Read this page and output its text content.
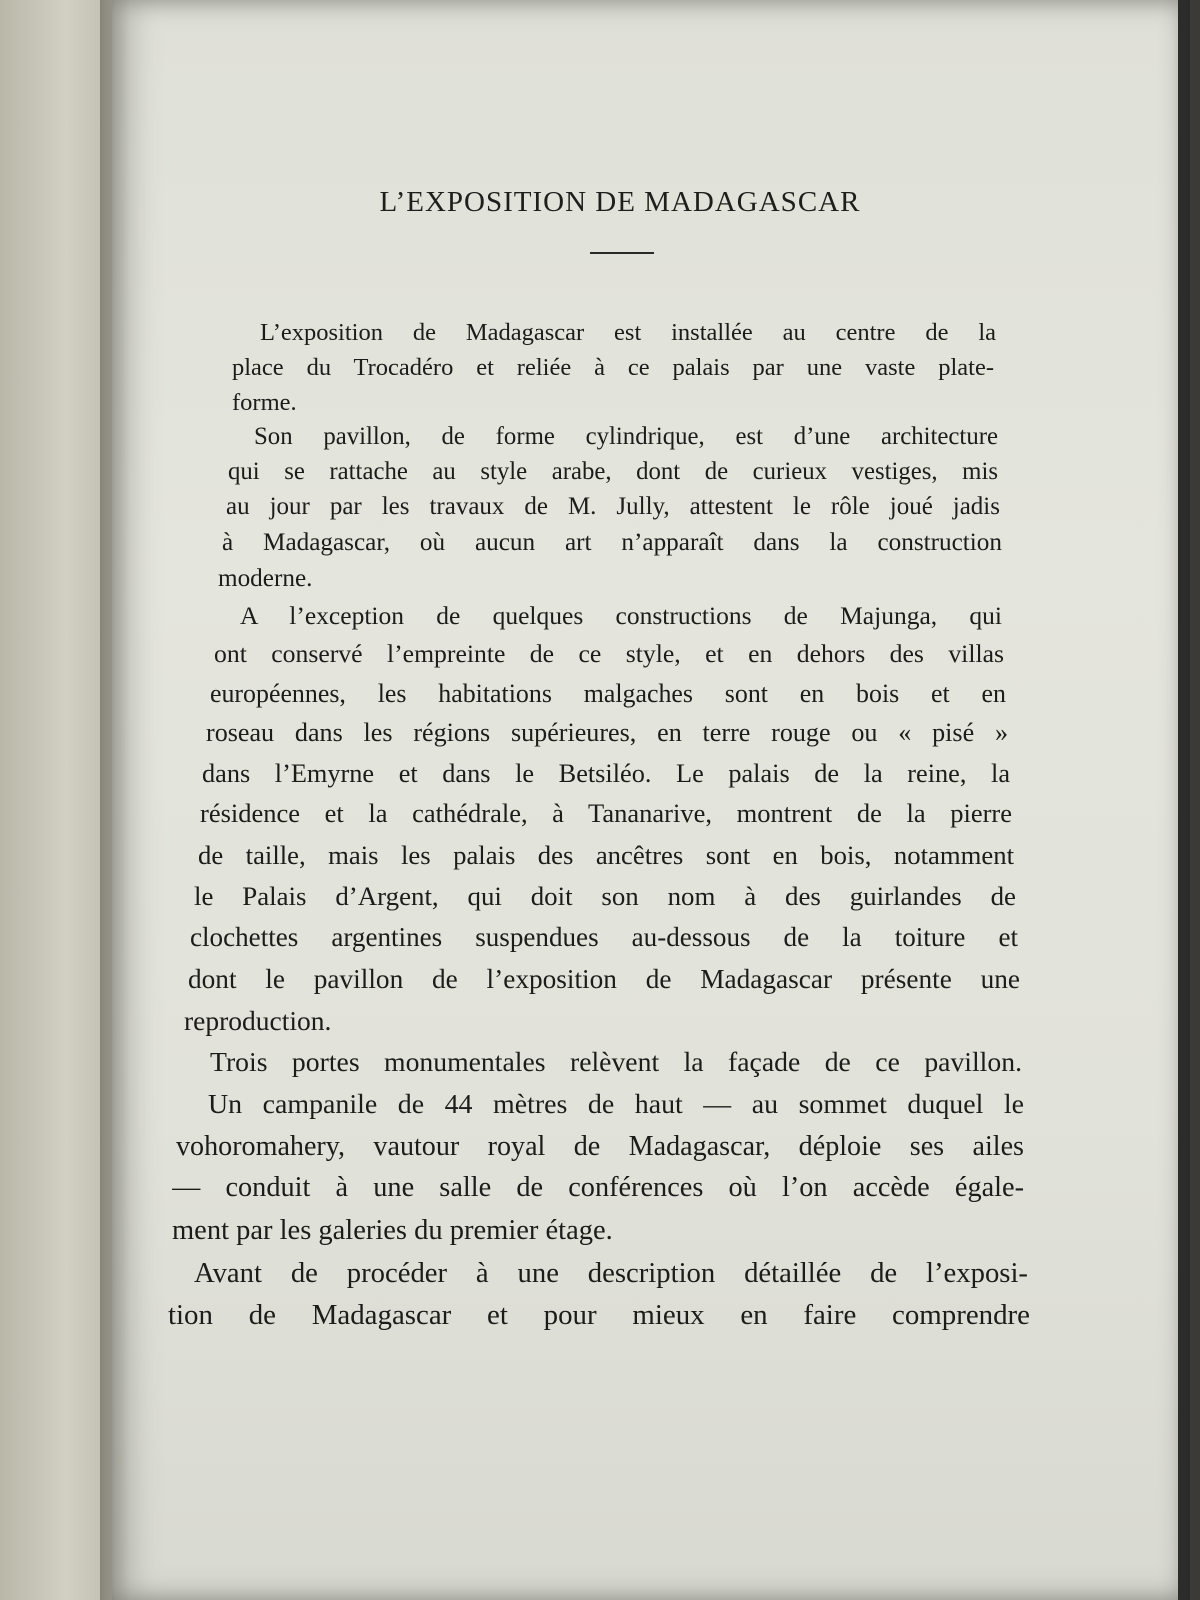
L’EXPOSITION DE MADAGASCAR
L’exposition de Madagascar est installée au centre de la
place du Trocadéro et reliée à ce palais par une vaste plate-
forme.
Son pavillon, de forme cylindrique, est d’une architecture
qui se rattache au style arabe, dont de curieux vestiges, mis
au jour par les travaux de M. Jully, attestent le rôle joué jadis
à Madagascar, où aucun art n’apparaît dans la construction
moderne.
A l’exception de quelques constructions de Majunga, qui
ont conservé l’empreinte de ce style, et en dehors des villas
européennes, les habitations malgaches sont en bois et en
roseau dans les régions supérieures, en terre rouge ou « pisé »
dans l’Emyrne et dans le Betsiléo. Le palais de la reine, la
résidence et la cathédrale, à Tananarive, montrent de la pierre
de taille, mais les palais des ancêtres sont en bois, notamment
le Palais d’Argent, qui doit son nom à des guirlandes de
clochettes argentines suspendues au-dessous de la toiture et
dont le pavillon de l’exposition de Madagascar présente une
reproduction.
Trois portes monumentales relèvent la façade de ce pavillon.
Un campanile de 44 mètres de haut — au sommet duquel le
vohoromahery, vautour royal de Madagascar, déploie ses ailes
— conduit à une salle de conférences où l’on accède égale-
ment par les galeries du premier étage.
Avant de procéder à une description détaillée de l’exposi-
tion de Madagascar et pour mieux en faire comprendre
